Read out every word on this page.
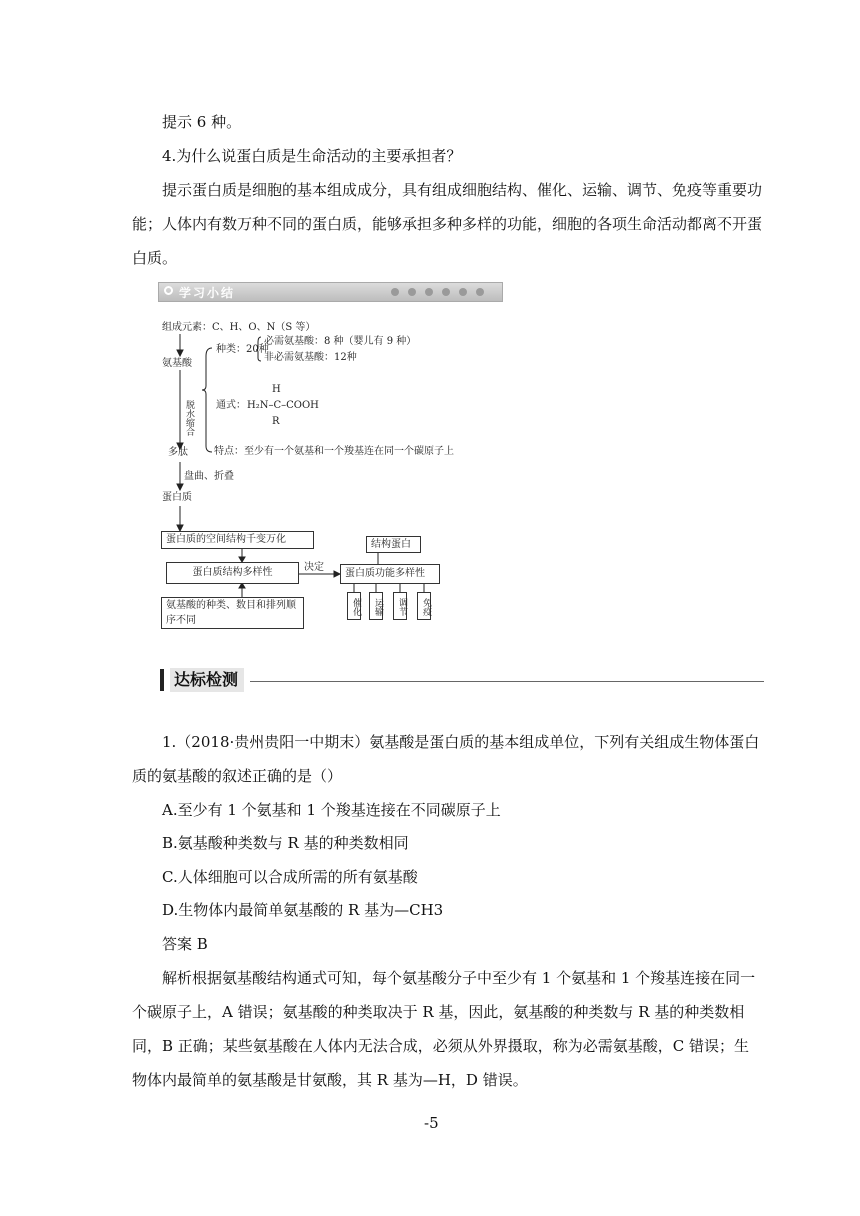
提示 6 种。
4.为什么说蛋白质是生命活动的主要承担者？

提示蛋白质是细胞的基本组成成分，具有组成细胞结构、催化、运输、调节、免疫等重要功能；人体内有数万种不同的蛋白质，能够承担多种多样的功能，细胞的各项生命活动都离不开蛋白质。

学习小结
组成元素：C、H、O、N（S 等）
氨基酸
种类：20种
必需氨基酸：8 种（婴儿有 9 种）
非必需氨基酸：12种
通式：
H
H₂N–C–COOH
R
脱水缩合
特点：至少有一个氨基和一个羧基连在同一个碳原子上
多肽
盘曲、折叠
蛋白质
蛋白质的空间结构千变万化
蛋白质结构多样性	决定
蛋白质功能多样性
结构蛋白
氨基酸的种类、数目和排列顺序不同
催化	运输	调节	免疫
达标检测

1.（2018·贵州贵阳一中期末）氨基酸是蛋白质的基本组成单位，下列有关组成生物体蛋白质的氨基酸的叙述正确的是（）

A.至少有 1 个氨基和 1 个羧基连接在不同碳原子上
B.氨基酸种类数与 R 基的种类数相同
C.人体细胞可以合成所需的所有氨基酸
D.生物体内最简单氨基酸的 R 基为—CH3
答案 B

解析根据氨基酸结构通式可知，每个氨基酸分子中至少有 1 个氨基和 1 个羧基连接在同一个碳原子上，A 错误；氨基酸的种类取决于 R 基，因此，氨基酸的种类数与 R 基的种类数相同，B 正确；某些氨基酸在人体内无法合成，必须从外界摄取，称为必需氨基酸，C 错误；生物体内最简单的氨基酸是甘氨酸，其 R 基为—H，D 错误。

-5
